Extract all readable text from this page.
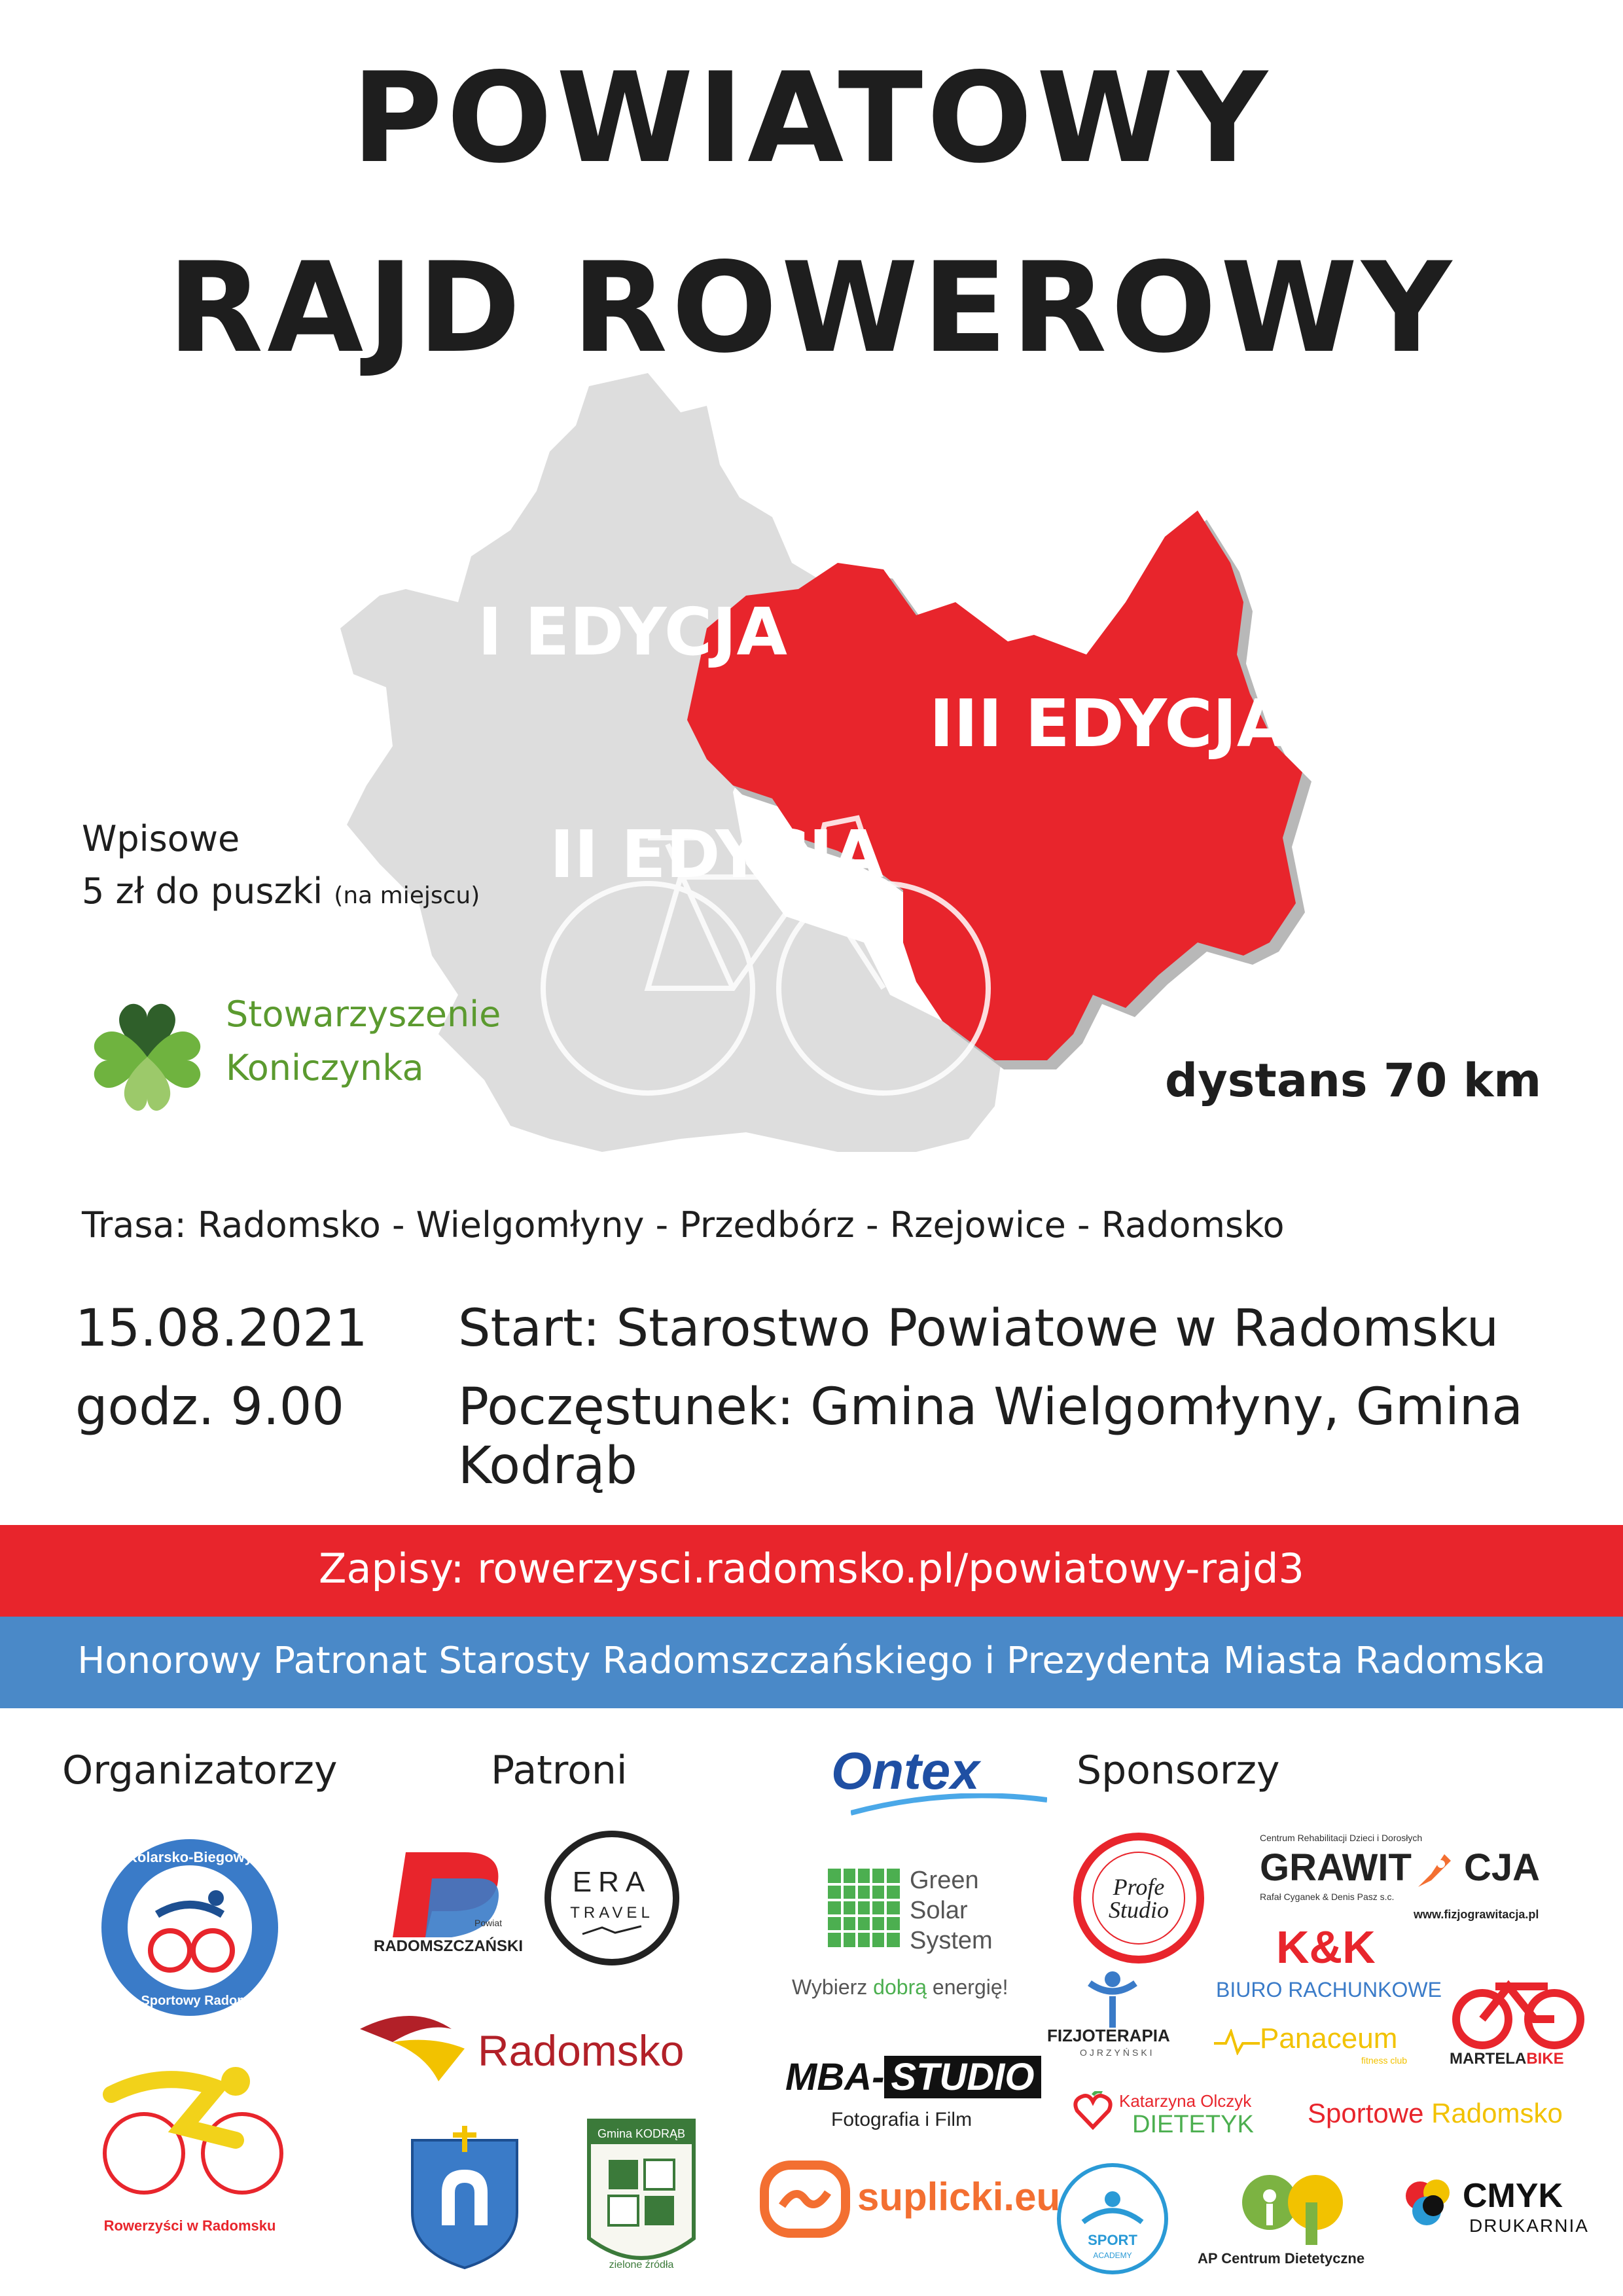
POWIATOWY
RAJD ROWEROWY
I EDYCJA
II EDYCJA
III EDYCJA
Wpisowe
5 zł do puszki (na miejscu)
Stowarzyszenie
Koniczynka	dystans 70 km
Trasa: Radomsko - Wielgomłyny - Przedbórz - Rzejowice - Radomsko
15.08.2021
godz. 9.00
Start: Starostwo Powiatowe w Radomsku
Poczęstunek: Gmina Wielgomłyny, Gmina Kodrąb
Zapisy: rowerzysci.radomsko.pl/powiatowy-rajd3
Honorowy Patronat Starosty Radomszczańskiego i Prezydenta Miasta Radomska
Organizatorzy	Patroni	Sponsorzy
Kolarsko-Biegowy
Klub Sportowy Radomsko
Rowerzyści w Radomsku
Powiat
RADOMSZCZAŃSKI
ERA
TRAVEL
Radomsko
Gmina KODRĄB
zielone źródła
Ontex
Green
Solar
System
Wybierz dobrą energię!
MBA- STUDIO
Fotografia i Film
suplicki.eu
Profe
Studio
FIZJOTERAPIA
OJRZYŃSKI
Katarzyna Olczyk
DIETETYK
SPORT
ACADEMY
Centrum Rehabilitacji Dzieci i Dorosłych
GRAWIT CJA
Rafał Cyganek & Denis Pasz s.c.
www.fizjograwitacja.pl
K&K
BIURO RACHUNKOWE
Panaceum
fitness club
Sportowe Radomsko
MARTELABIKE
AP Centrum Dietetyczne
CMYK
DRUKARNIA
